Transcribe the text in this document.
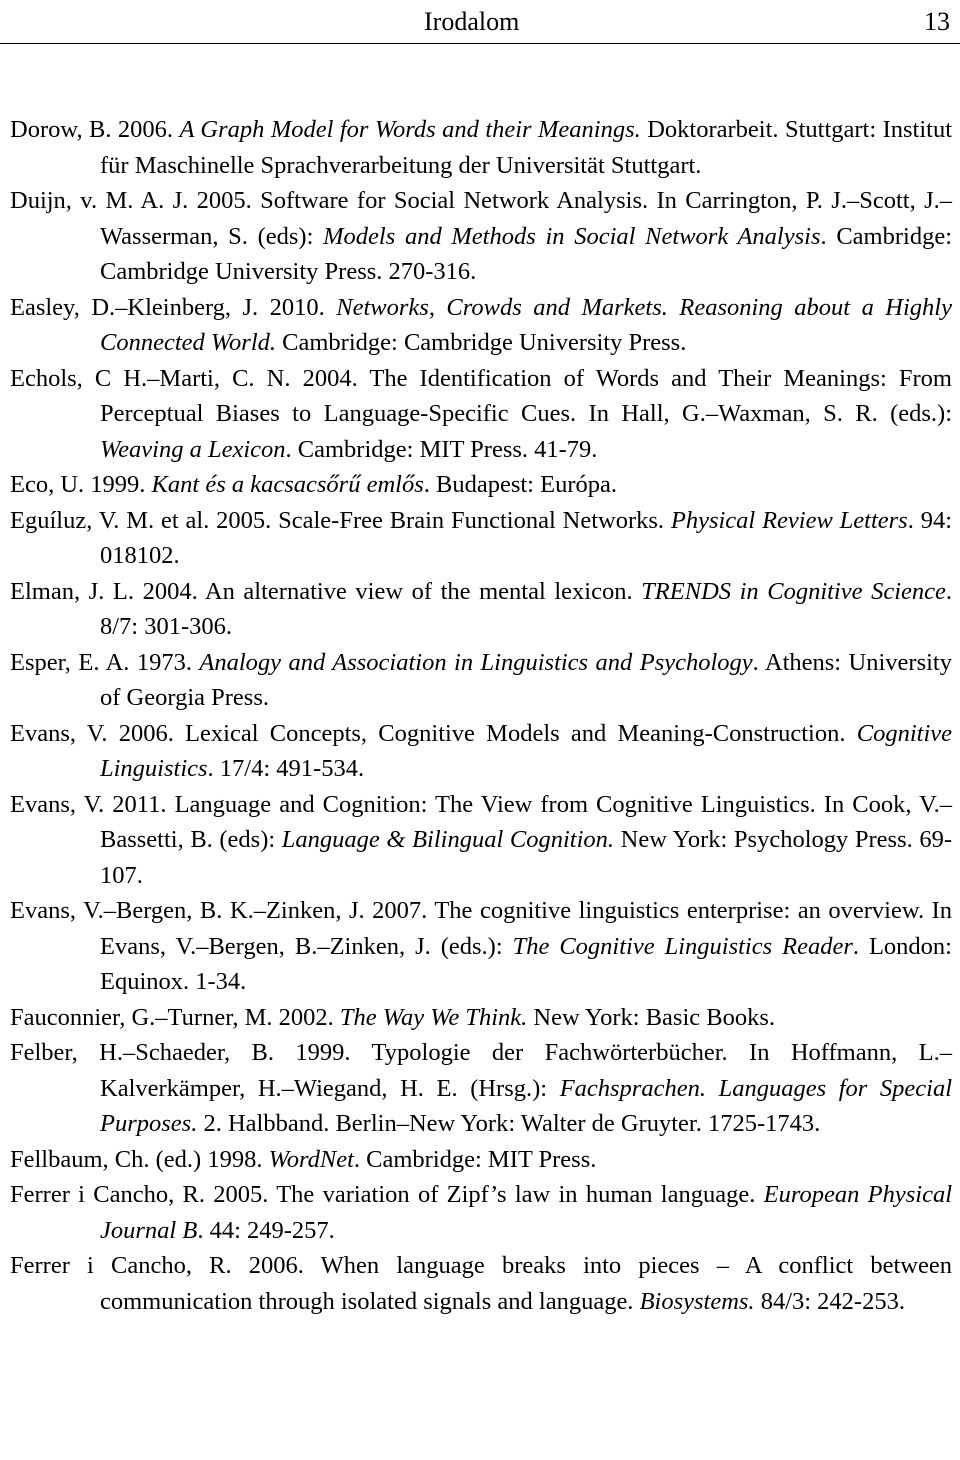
Irodalom	13
Dorow, B. 2006. A Graph Model for Words and their Meanings. Doktorarbeit. Stuttgart: Institut für Maschinelle Sprachverarbeitung der Universität Stuttgart.
Duijn, v. M. A. J. 2005. Software for Social Network Analysis. In Carrington, P. J.–Scott, J.–Wasserman, S. (eds): Models and Methods in Social Network Analysis. Cambridge: Cambridge University Press. 270-316.
Easley, D.–Kleinberg, J. 2010. Networks, Crowds and Markets. Reasoning about a Highly Connected World. Cambridge: Cambridge University Press.
Echols, C H.–Marti, C. N. 2004. The Identification of Words and Their Meanings: From Perceptual Biases to Language-Specific Cues. In Hall, G.–Waxman, S. R. (eds.): Weaving a Lexicon. Cambridge: MIT Press. 41-79.
Eco, U. 1999. Kant és a kacsacsőrű emlős. Budapest: Európa.
Eguíluz, V. M. et al. 2005. Scale-Free Brain Functional Networks. Physical Review Letters. 94: 018102.
Elman, J. L. 2004. An alternative view of the mental lexicon. TRENDS in Cognitive Science. 8/7: 301-306.
Esper, E. A. 1973. Analogy and Association in Linguistics and Psychology. Athens: University of Georgia Press.
Evans, V. 2006. Lexical Concepts, Cognitive Models and Meaning-Construction. Cognitive Linguistics. 17/4: 491-534.
Evans, V. 2011. Language and Cognition: The View from Cognitive Linguistics. In Cook, V.–Bassetti, B. (eds): Language & Bilingual Cognition. New York: Psychology Press. 69-107.
Evans, V.–Bergen, B. K.–Zinken, J. 2007. The cognitive linguistics enterprise: an overview. In Evans, V.–Bergen, B.–Zinken, J. (eds.): The Cognitive Linguistics Reader. London: Equinox. 1-34.
Fauconnier, G.–Turner, M. 2002. The Way We Think. New York: Basic Books.
Felber, H.–Schaeder, B. 1999. Typologie der Fachwörterbücher. In Hoffmann, L.–Kalverkämper, H.–Wiegand, H. E. (Hrsg.): Fachsprachen. Languages for Special Purposes. 2. Halbband. Berlin–New York: Walter de Gruyter. 1725-1743.
Fellbaum, Ch. (ed.) 1998. WordNet. Cambridge: MIT Press.
Ferrer i Cancho, R. 2005. The variation of Zipf’s law in human language. European Physical Journal B. 44: 249-257.
Ferrer i Cancho, R. 2006. When language breaks into pieces – A conflict between communication through isolated signals and language. Biosystems. 84/3: 242-253.
